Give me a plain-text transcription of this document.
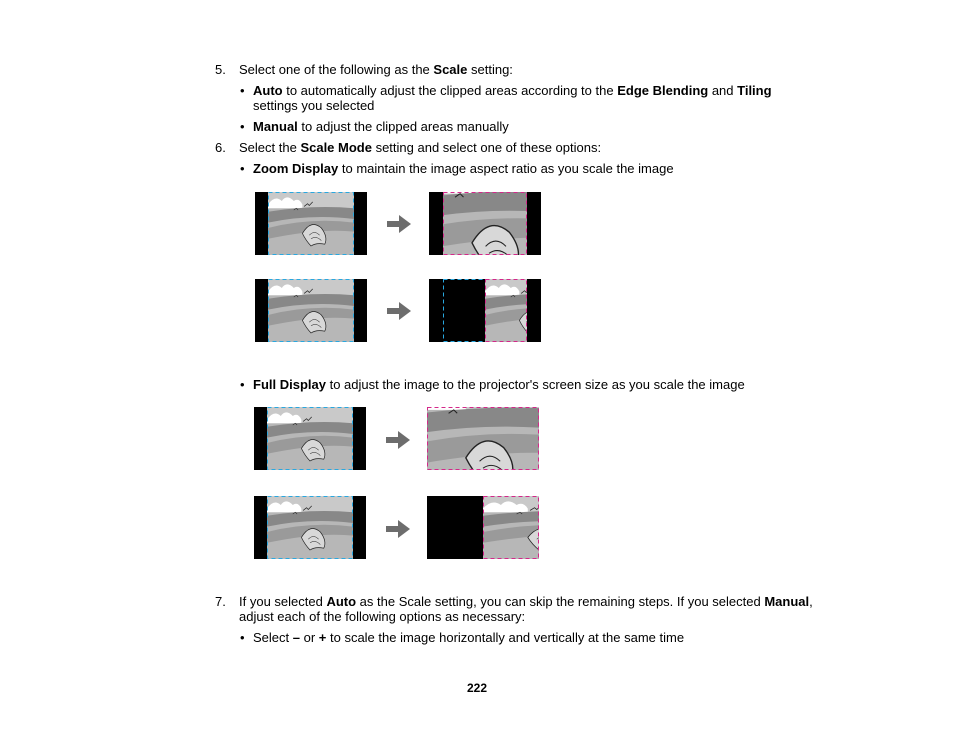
5. Select one of the following as the Scale setting:
• Auto to automatically adjust the clipped areas according to the Edge Blending and Tiling
settings you selected
• Manual to adjust the clipped areas manually
6. Select the Scale Mode setting and select one of these options:
• Zoom Display to maintain the image aspect ratio as you scale the image
• Full Display to adjust the image to the projector's screen size as you scale the image
7. If you selected Auto as the Scale setting, you can skip the remaining steps. If you selected Manual,
adjust each of the following options as necessary:
• Select – or + to scale the image horizontally and vertically at the same time
222
